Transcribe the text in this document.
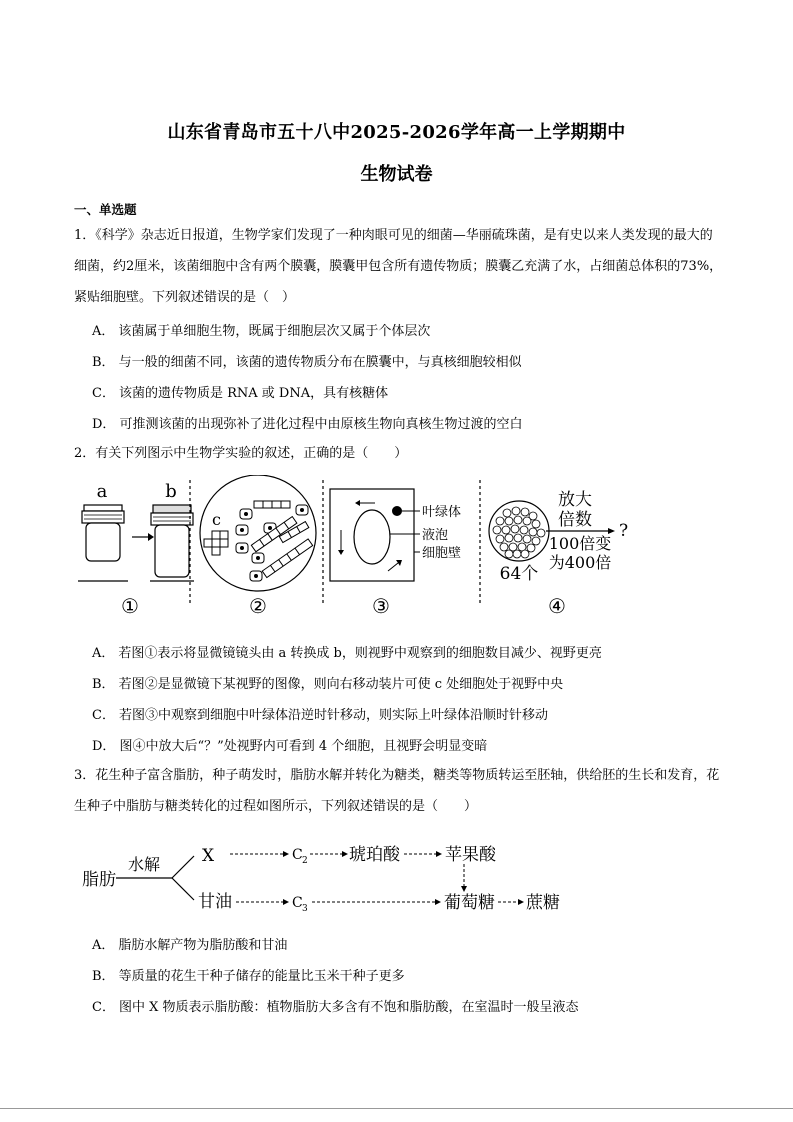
山东省青岛市五十八中2025-2026学年高一上学期期中
生物试卷
一、单选题
1．《科学》杂志近日报道，生物学家们发现了一种肉眼可见的细菌—华丽硫珠菌，是有史以来人类发现的最大的细菌，约2厘米，该菌细胞中含有两个膜囊，膜囊甲包含所有遗传物质；膜囊乙充满了水，占细菌总体积的73%，紧贴细胞壁。下列叙述错误的是（　）
A． 该菌属于单细胞生物，既属于细胞层次又属于个体层次
B． 与一般的细菌不同，该菌的遗传物质分布在膜囊中，与真核细胞较相似
C． 该菌的遗传物质是 RNA 或 DNA，具有核糖体
D． 可推测该菌的出现弥补了进化过程中由原核生物向真核生物过渡的空白
2．有关下列图示中生物学实验的叙述，正确的是（　　）
a	b
①
c
②
叶绿体
液泡
细胞壁
③
64个
放大
倍数
?
100倍变
为400倍
④
A． 若图①表示将显微镜镜头由 a 转换成 b，则视野中观察到的细胞数目减少、视野更亮
B． 若图②是显微镜下某视野的图像，则向右移动装片可使 c 处细胞处于视野中央
C． 若图③中观察到细胞中叶绿体沿逆时针移动，则实际上叶绿体沿顺时针移动
D． 图④中放大后“？”处视野内可看到 4 个细胞，且视野会明显变暗
3．花生种子富含脂肪，种子萌发时，脂肪水解并转化为糖类，糖类等物质转运至胚轴，供给胚的生长和发育，花生种子中脂肪与糖类转化的过程如图所示，下列叙述错误的是（　　）
脂肪
水解 X
甘油
C 2 琥珀酸	苹果酸
C 3	葡萄糖 蔗糖
A． 脂肪水解产物为脂肪酸和甘油
B． 等质量的花生干种子储存的能量比玉米干种子更多
C． 图中 X 物质表示脂肪酸：植物脂肪大多含有不饱和脂肪酸，在室温时一般呈液态
